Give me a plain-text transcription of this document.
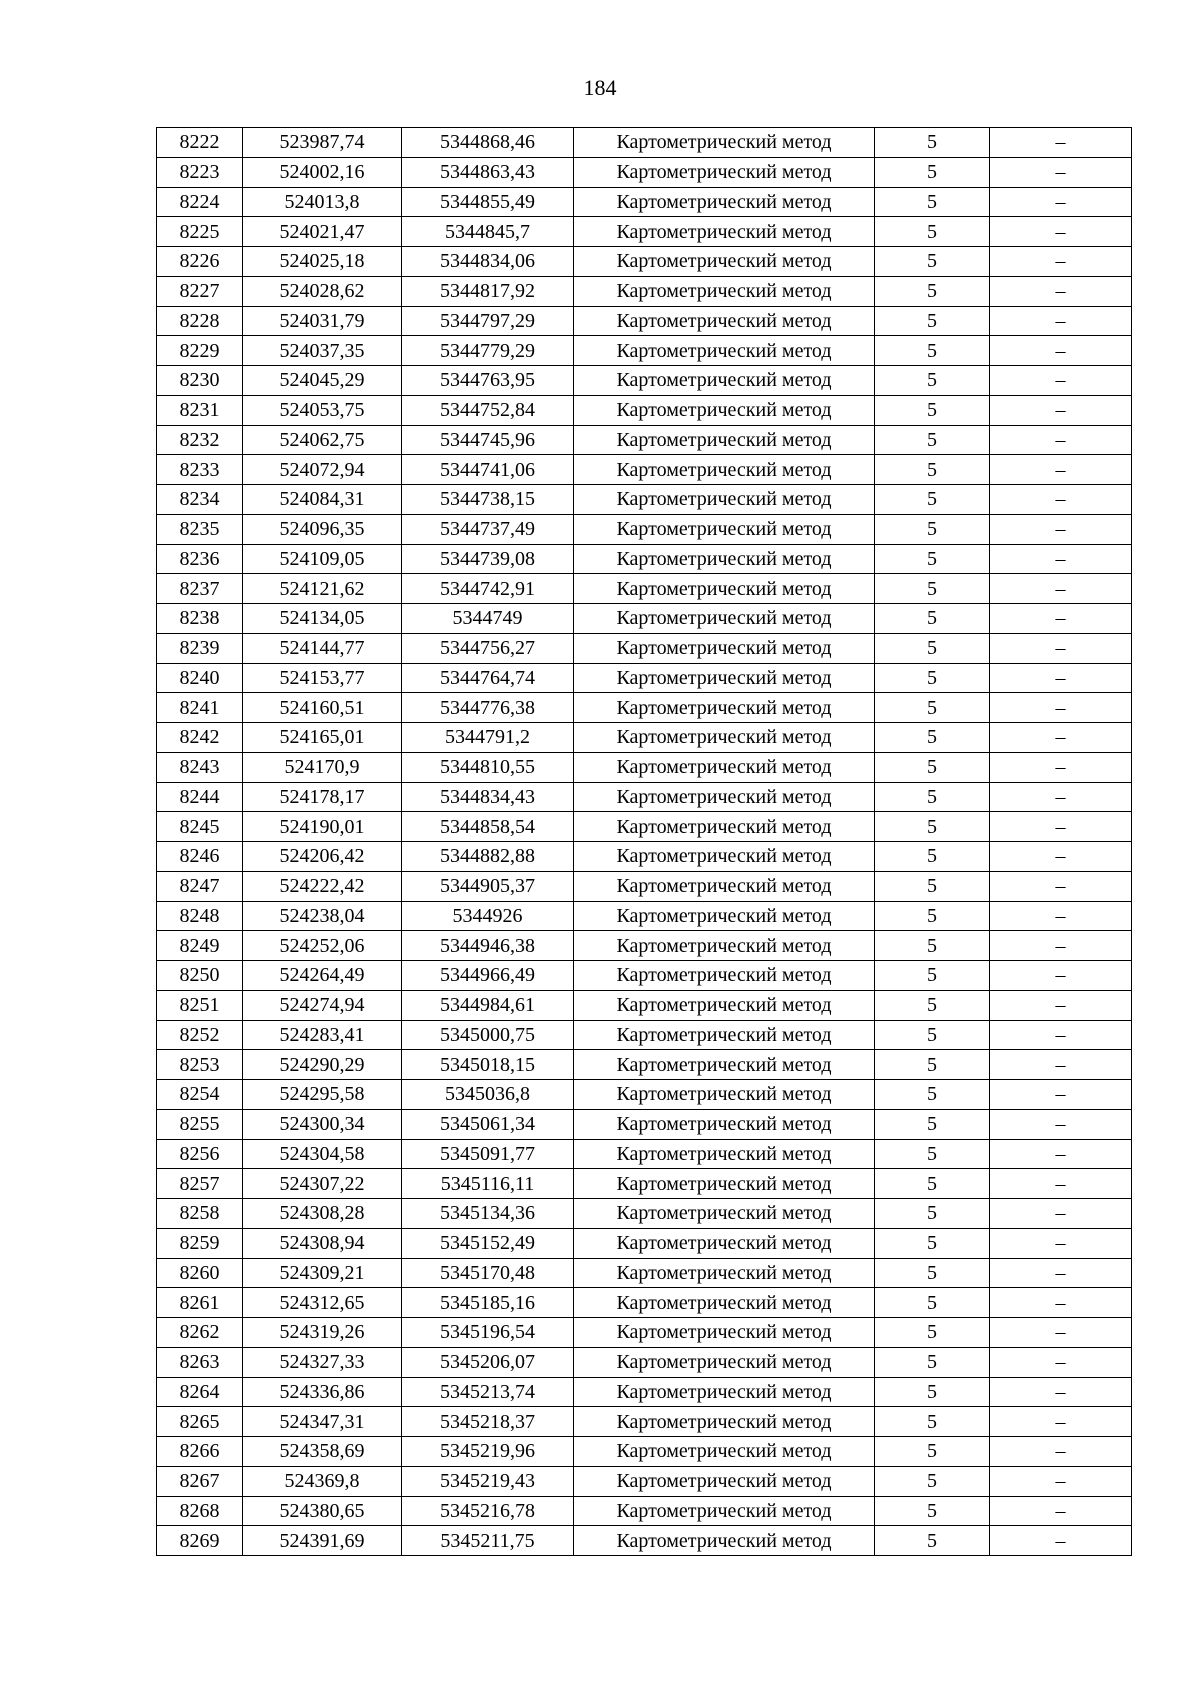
184
8222	523987,74	5344868,46	Картометрический метод	5	–
8223	524002,16	5344863,43	Картометрический метод	5	–
8224	524013,8	5344855,49	Картометрический метод	5	–
8225	524021,47	5344845,7	Картометрический метод	5	–
8226	524025,18	5344834,06	Картометрический метод	5	–
8227	524028,62	5344817,92	Картометрический метод	5	–
8228	524031,79	5344797,29	Картометрический метод	5	–
8229	524037,35	5344779,29	Картометрический метод	5	–
8230	524045,29	5344763,95	Картометрический метод	5	–
8231	524053,75	5344752,84	Картометрический метод	5	–
8232	524062,75	5344745,96	Картометрический метод	5	–
8233	524072,94	5344741,06	Картометрический метод	5	–
8234	524084,31	5344738,15	Картометрический метод	5	–
8235	524096,35	5344737,49	Картометрический метод	5	–
8236	524109,05	5344739,08	Картометрический метод	5	–
8237	524121,62	5344742,91	Картометрический метод	5	–
8238	524134,05	5344749	Картометрический метод	5	–
8239	524144,77	5344756,27	Картометрический метод	5	–
8240	524153,77	5344764,74	Картометрический метод	5	–
8241	524160,51	5344776,38	Картометрический метод	5	–
8242	524165,01	5344791,2	Картометрический метод	5	–
8243	524170,9	5344810,55	Картометрический метод	5	–
8244	524178,17	5344834,43	Картометрический метод	5	–
8245	524190,01	5344858,54	Картометрический метод	5	–
8246	524206,42	5344882,88	Картометрический метод	5	–
8247	524222,42	5344905,37	Картометрический метод	5	–
8248	524238,04	5344926	Картометрический метод	5	–
8249	524252,06	5344946,38	Картометрический метод	5	–
8250	524264,49	5344966,49	Картометрический метод	5	–
8251	524274,94	5344984,61	Картометрический метод	5	–
8252	524283,41	5345000,75	Картометрический метод	5	–
8253	524290,29	5345018,15	Картометрический метод	5	–
8254	524295,58	5345036,8	Картометрический метод	5	–
8255	524300,34	5345061,34	Картометрический метод	5	–
8256	524304,58	5345091,77	Картометрический метод	5	–
8257	524307,22	5345116,11	Картометрический метод	5	–
8258	524308,28	5345134,36	Картометрический метод	5	–
8259	524308,94	5345152,49	Картометрический метод	5	–
8260	524309,21	5345170,48	Картометрический метод	5	–
8261	524312,65	5345185,16	Картометрический метод	5	–
8262	524319,26	5345196,54	Картометрический метод	5	–
8263	524327,33	5345206,07	Картометрический метод	5	–
8264	524336,86	5345213,74	Картометрический метод	5	–
8265	524347,31	5345218,37	Картометрический метод	5	–
8266	524358,69	5345219,96	Картометрический метод	5	–
8267	524369,8	5345219,43	Картометрический метод	5	–
8268	524380,65	5345216,78	Картометрический метод	5	–
8269	524391,69	5345211,75	Картометрический метод	5	–
